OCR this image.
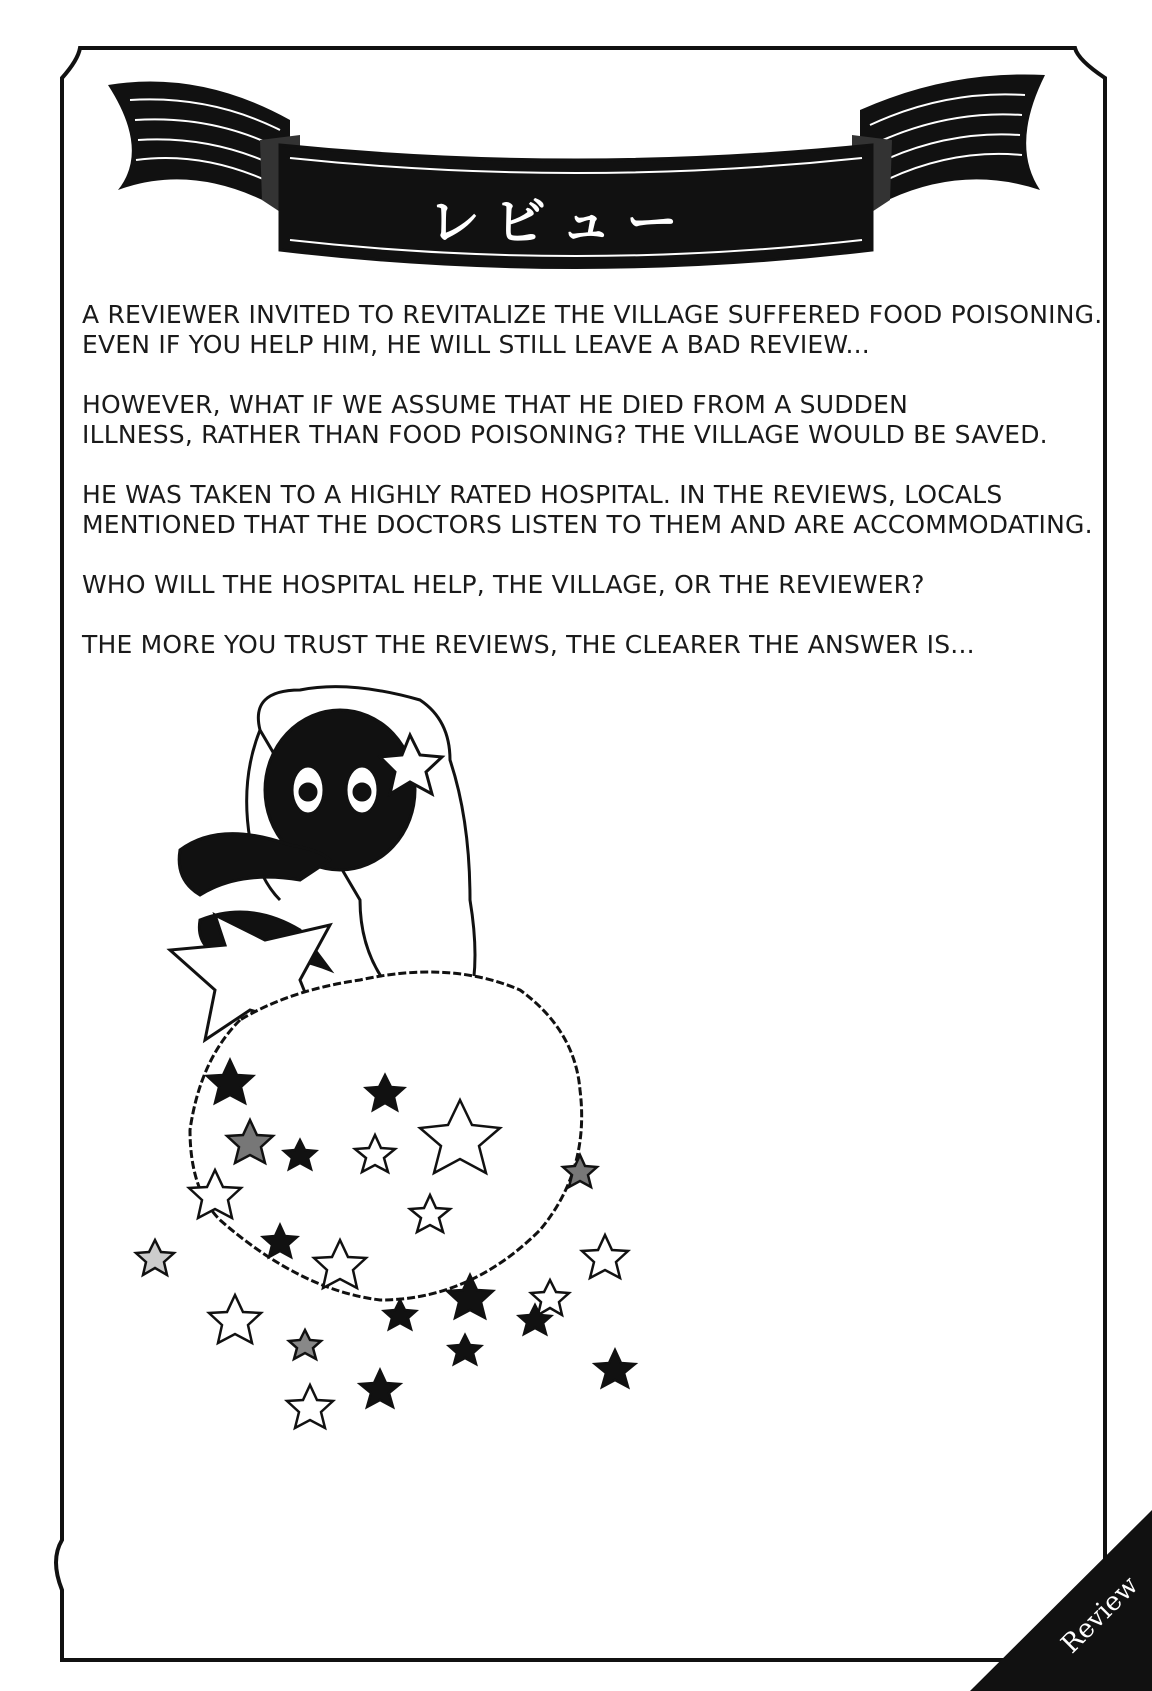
レビュー

A REVIEWER INVITED TO REVITALIZE THE VILLAGE SUFFERED FOOD POISONING.
EVEN IF YOU HELP HIM, HE WILL STILL LEAVE A BAD REVIEW...

HOWEVER, WHAT IF WE ASSUME THAT HE DIED FROM A SUDDEN
ILLNESS, RATHER THAN FOOD POISONING? THE VILLAGE WOULD BE SAVED.

HE WAS TAKEN TO A HIGHLY RATED HOSPITAL. IN THE REVIEWS, LOCALS
MENTIONED THAT THE DOCTORS LISTEN TO THEM AND ARE ACCOMMODATING.

WHO WILL THE HOSPITAL HELP, THE VILLAGE, OR THE REVIEWER?

THE MORE YOU TRUST THE REVIEWS, THE CLEARER THE ANSWER IS...

Review
